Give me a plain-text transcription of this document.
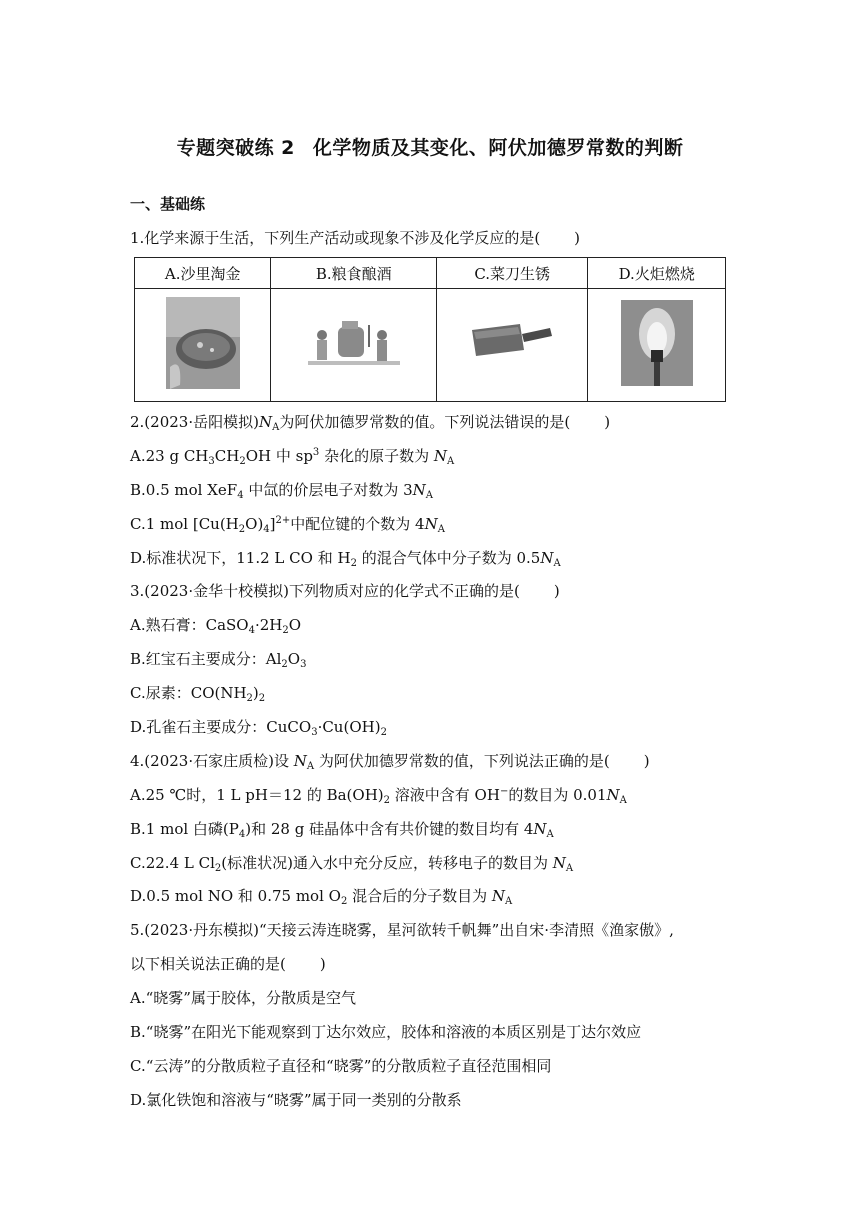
专题突破练 2 化学物质及其变化、阿伏加德罗常数的判断
一、基础练
1.化学来源于生活，下列生产活动或现象不涉及化学反应的是( )
A.沙里淘金	B.粮食酿酒	C.菜刀生锈	D.火炬燃烧

2.(2023·岳阳模拟)$N_A$为阿伏加德罗常数的值。下列说法错误的是( )
A.23 g $CH_3CH_2OH$ 中 $sp^3$ 杂化的原子数为 $N_A$
B.0.5 mol XeF$_4$ 中氙的价层电子对数为 $3N_A$
C.1 mol $[Cu(H_2O)_4]^{2+}$中配位键的个数为 $4N_A$
D.标准状况下，11.2 L CO 和 $H_2$ 的混合气体中分子数为 $0.5N_A$
3.(2023·金华十校模拟)下列物质对应的化学式不正确的是( )
A.熟石膏：$CaSO_4\cdot 2H_2O$
B.红宝石主要成分：$Al_2O_3$
C.尿素：$CO(NH_2)_2$
D.孔雀石主要成分：$CuCO_3\cdot Cu(OH)_2$
4.(2023·石家庄质检)设 $N_A$ 为阿伏加德罗常数的值，下列说法正确的是( )
A.25 ℃时，1 L pH＝12 的 $Ba(OH)_2$ 溶液中含有 OH−的数目为 $0.01N_A$
B.1 mol 白磷$(P_4)$和 28 g 硅晶体中含有共价键的数目均有 $4N_A$
C.22.4 L $Cl_2$(标准状况)通入水中充分反应，转移电子的数目为 $N_A$
D.0.5 mol NO 和 0.75 mol $O_2$ 混合后的分子数目为 $N_A$
5.(2023·丹东模拟)“天接云涛连晓雾，星河欲转千帆舞”出自宋·李清照《渔家傲》,
以下相关说法正确的是( )
A.“晓雾”属于胶体，分散质是空气
B.“晓雾”在阳光下能观察到丁达尔效应，胶体和溶液的本质区别是丁达尔效应
C.“云涛”的分散质粒子直径和“晓雾”的分散质粒子直径范围相同
D.氯化铁饱和溶液与“晓雾”属于同一类别的分散系
